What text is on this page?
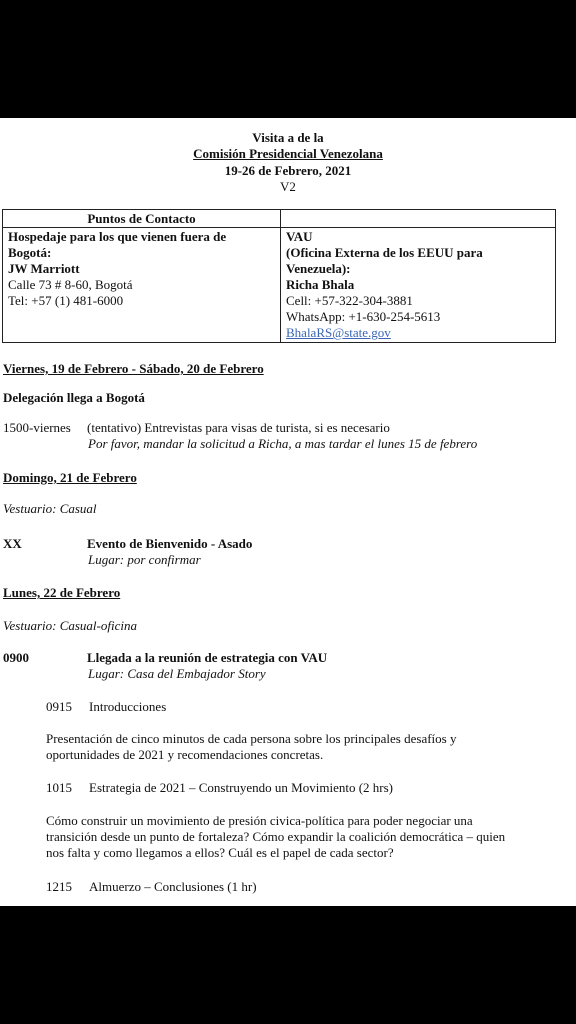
Visita a de la
Comisión Presidencial Venezolana
19-26 de Febrero, 2021
V2
Puntos de Contacto
Hospedaje para los que vienen fuera de
Bogotá:
JW Marriott
Calle 73 # 8-60, Bogotá
Tel: +57 (1) 481-6000
VAU
(Oficina Externa de los EEUU para
Venezuela):
Richa Bhala
Cell: +57-322-304-3881
WhatsApp: +1-630-254-5613
BhalaRS@state.gov
Viernes, 19 de Febrero - Sábado, 20 de Febrero
Delegación llega a Bogotá
1500-viernes (tentativo) Entrevistas para visas de turista, si es necesario
Por favor, mandar la solicitud a Richa, a mas tardar el lunes 15 de febrero
Domingo, 21 de Febrero
Vestuario: Casual
XX	Evento de Bienvenido - Asado
Lugar: por confirmar
Lunes, 22 de Febrero
Vestuario: Casual-oficina
0900	Llegada a la reunión de estrategia con VAU
Lugar: Casa del Embajador Story
0915 Introducciones
Presentación de cinco minutos de cada persona sobre los principales desafíos y
oportunidades de 2021 y recomendaciones concretas.
1015 Estrategia de 2021 – Construyendo un Movimiento (2 hrs)
Cómo construir un movimiento de presión civica-política para poder negociar una
transición desde un punto de fortaleza? Cómo expandir la coalición democrática – quien
nos falta y como llegamos a ellos? Cuál es el papel de cada sector?
1215 Almuerzo – Conclusiones (1 hr)
